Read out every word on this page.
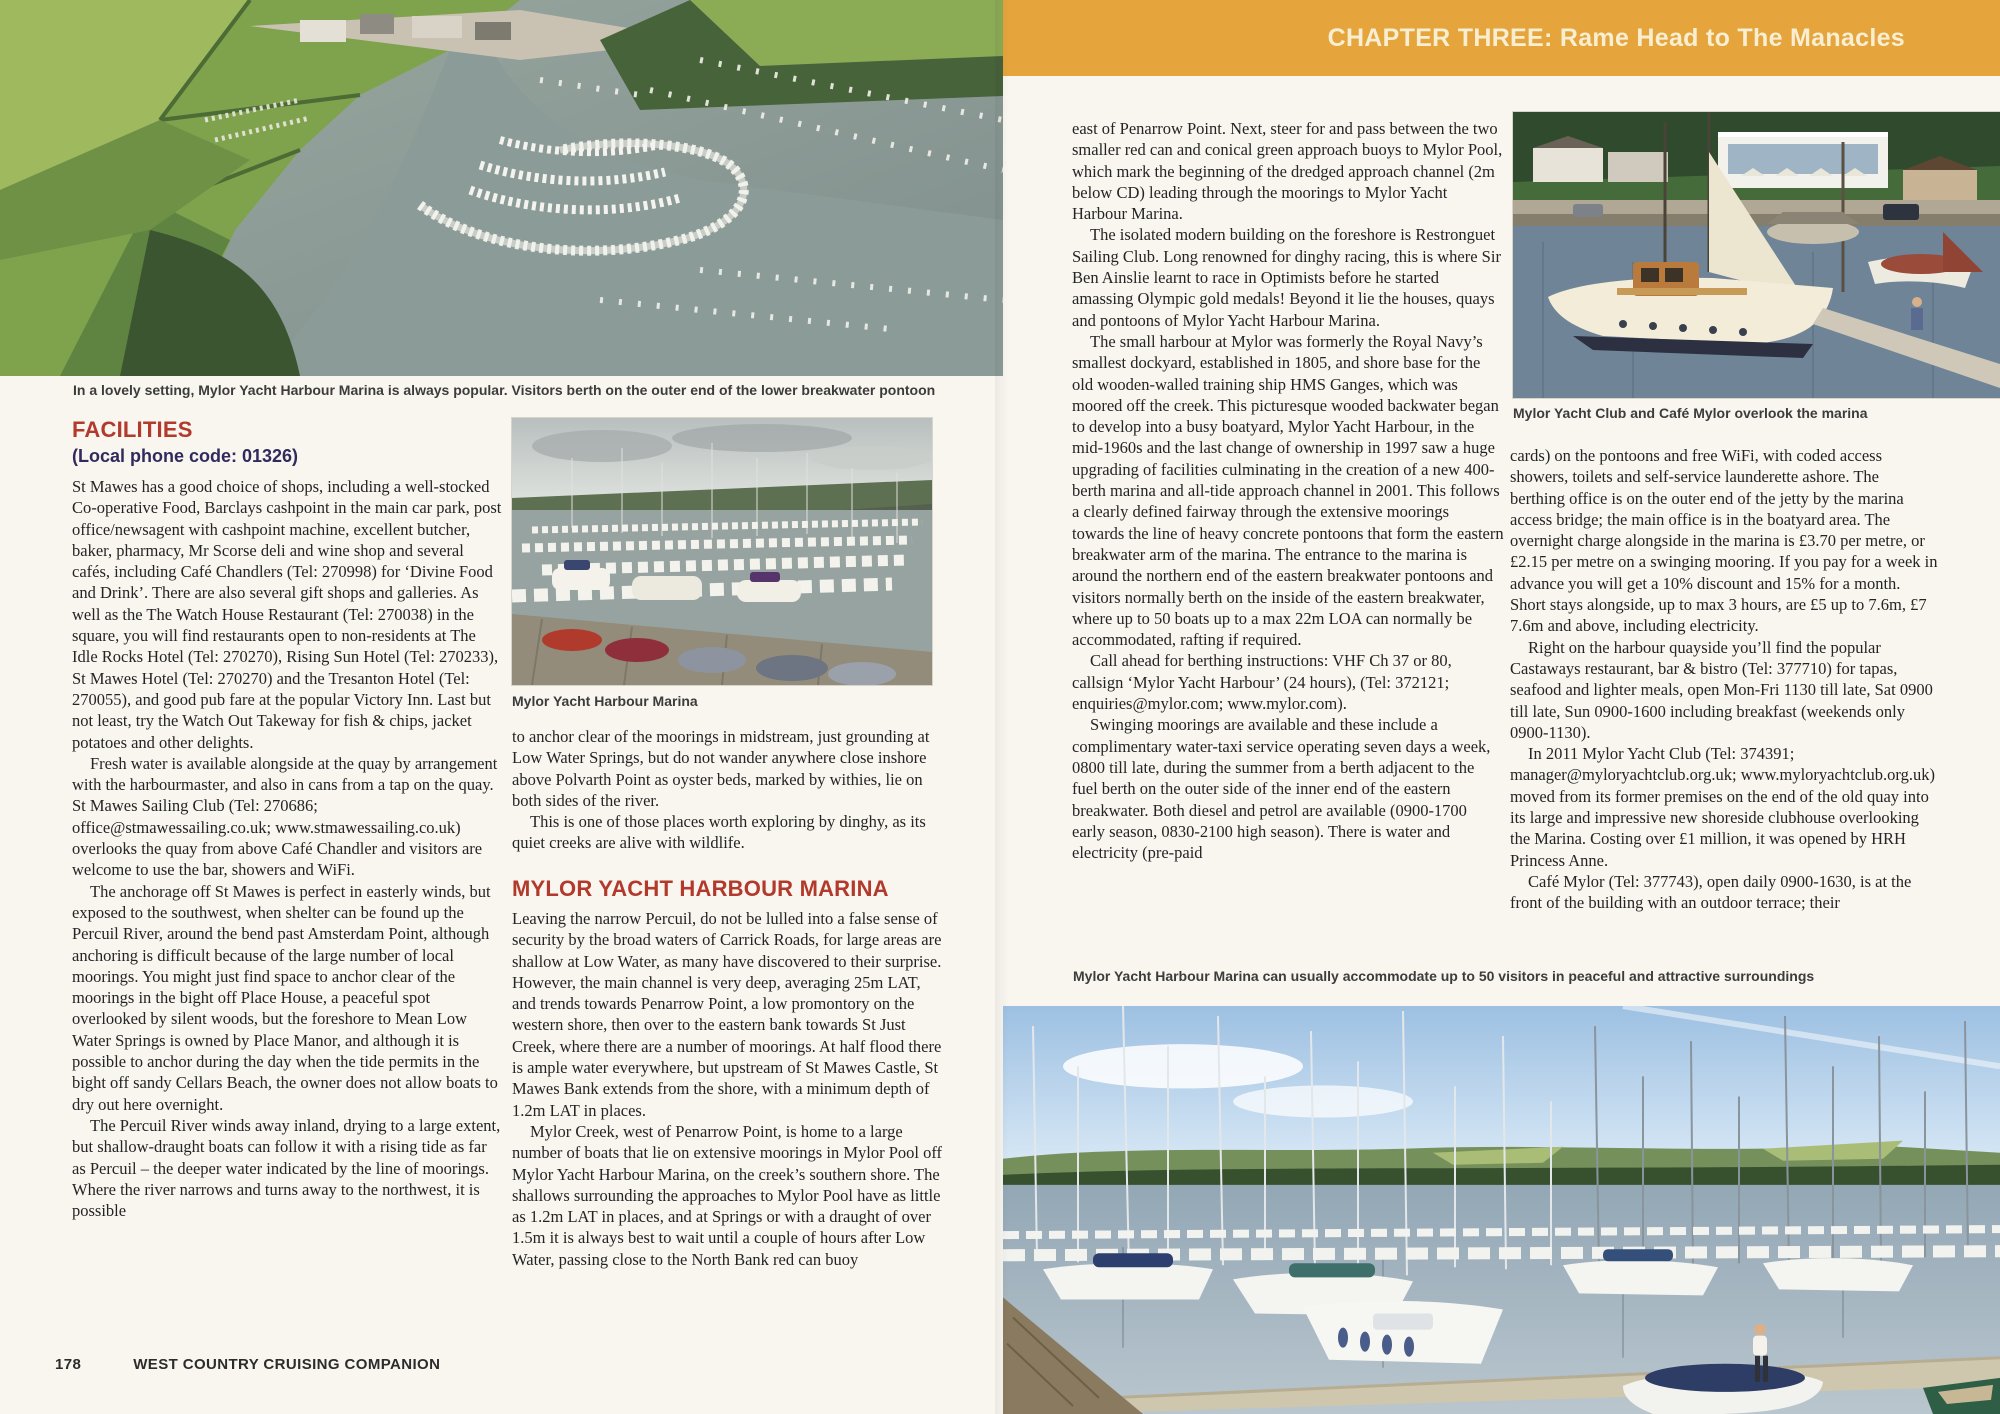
In a lovely setting, Mylor Yacht Harbour Marina is always popular. Visitors berth on the outer end of the lower breakwater pontoon
FACILITIES
(Local phone code: 01326)

St Mawes has a good choice of shops, including a well-stocked Co-operative Food, Barclays cashpoint in the main car park, post office/newsagent with cashpoint machine, excellent butcher, baker, pharmacy, Mr Scorse deli and wine shop and several cafés, including Café Chandlers (Tel: 270998) for ‘Divine Food and Drink’. There are also several gift shops and galleries. As well as the The Watch House Restaurant (Tel: 270038) in the square, you will find restaurants open to non-residents at The Idle Rocks Hotel (Tel: 270270), Rising Sun Hotel (Tel: 270233), St Mawes Hotel (Tel: 270270) and the Tresanton Hotel (Tel: 270055), and good pub fare at the popular Victory Inn. Last but not least, try the Watch Out Takeway for fish & chips, jacket potatoes and other delights.

Fresh water is available alongside at the quay by arrangement with the harbourmaster, and also in cans from a tap on the quay. St Mawes Sailing Club (Tel: 270686; office@stmawessailing.co.uk; www.stmawessailing.co.uk) overlooks the quay from above Café Chandler and visitors are welcome to use the bar, showers and WiFi.

The anchorage off St Mawes is perfect in easterly winds, but exposed to the southwest, when shelter can be found up the Percuil River, around the bend past Amsterdam Point, although anchoring is difficult because of the large number of local moorings. You might just find space to anchor clear of the moorings in the bight off Place House, a peaceful spot overlooked by silent woods, but the foreshore to Mean Low Water Springs is owned by Place Manor, and although it is possible to anchor during the day when the tide permits in the bight off sandy Cellars Beach, the owner does not allow boats to dry out here overnight.

The Percuil River winds away inland, drying to a large extent, but shallow-draught boats can follow it with a rising tide as far as Percuil – the deeper water indicated by the line of moorings. Where the river narrows and turns away to the northwest, it is possible

Mylor Yacht Harbour Marina

to anchor clear of the moorings in midstream, just grounding at Low Water Springs, but do not wander anywhere close inshore above Polvarth Point as oyster beds, marked by withies, lie on both sides of the river.

This is one of those places worth exploring by dinghy, as its quiet creeks are alive with wildlife.

MYLOR YACHT HARBOUR MARINA

Leaving the narrow Percuil, do not be lulled into a false sense of security by the broad waters of Carrick Roads, for large areas are shallow at Low Water, as many have discovered to their surprise. However, the main channel is very deep, averaging 25m LAT, and trends towards Penarrow Point, a low promontory on the western shore, then over to the eastern bank towards St Just Creek, where there are a number of moorings. At half flood there is ample water everywhere, but upstream of St Mawes Castle, St Mawes Bank extends from the shore, with a minimum depth of 1.2m LAT in places.

Mylor Creek, west of Penarrow Point, is home to a large number of boats that lie on extensive moorings in Mylor Pool off Mylor Yacht Harbour Marina, on the creek’s southern shore. The shallows surrounding the approaches to Mylor Pool have as little as 1.2m LAT in places, and at Springs or with a draught of over 1.5m it is always best to wait until a couple of hours after Low Water, passing close to the North Bank red can buoy

178	WEST COUNTRY CRUISING COMPANION
CHAPTER THREE: Rame Head to The Manacles

east of Penarrow Point. Next, steer for and pass between the two smaller red can and conical green approach buoys to Mylor Pool, which mark the beginning of the dredged approach channel (2m below CD) leading through the moorings to Mylor Yacht Harbour Marina.

The isolated modern building on the foreshore is Restronguet Sailing Club. Long renowned for dinghy racing, this is where Sir Ben Ainslie learnt to race in Optimists before he started amassing Olympic gold medals! Beyond it lie the houses, quays and pontoons of Mylor Yacht Harbour Marina.

The small harbour at Mylor was formerly the Royal Navy’s smallest dockyard, established in 1805, and shore base for the old wooden-walled training ship HMS Ganges, which was moored off the creek. This picturesque wooded backwater began to develop into a busy boatyard, Mylor Yacht Harbour, in the mid-1960s and the last change of ownership in 1997 saw a huge upgrading of facilities culminating in the creation of a new 400-berth marina and all-tide approach channel in 2001. This follows a clearly defined fairway through the extensive moorings towards the line of heavy concrete pontoons that form the eastern breakwater arm of the marina. The entrance to the marina is around the northern end of the eastern breakwater pontoons and visitors normally berth on the inside of the eastern breakwater, where up to 50 boats up to a max 22m LOA can normally be accommodated, rafting if required.

Call ahead for berthing instructions: VHF Ch 37 or 80, callsign ‘Mylor Yacht Harbour’ (24 hours), (Tel: 372121; enquiries@mylor.com; www.mylor.com).

Swinging moorings are available and these include a complimentary water-taxi service operating seven days a week, 0800 till late, during the summer from a berth adjacent to the fuel berth on the outer side of the inner end of the eastern breakwater. Both diesel and petrol are available (0900-1700 early season, 0830-2100 high season). There is water and electricity (pre-paid

Mylor Yacht Club and Café Mylor overlook the marina

cards) on the pontoons and free WiFi, with coded access showers, toilets and self-service launderette ashore. The berthing office is on the outer end of the jetty by the marina access bridge; the main office is in the boatyard area. The overnight charge alongside in the marina is £3.70 per metre, or £2.15 per metre on a swinging mooring. If you pay for a week in advance you will get a 10% discount and 15% for a month. Short stays alongside, up to max 3 hours, are £5 up to 7.6m, £7 7.6m and above, including electricity.

Right on the harbour quayside you’ll find the popular Castaways restaurant, bar & bistro (Tel: 377710) for tapas, seafood and lighter meals, open Mon-Fri 1130 till late, Sat 0900 till late, Sun 0900-1600 including breakfast (weekends only 0900-1130).

In 2011 Mylor Yacht Club (Tel: 374391; manager@myloryachtclub.org.uk; www.myloryachtclub.org.uk) moved from its former premises on the end of the old quay into its large and impressive new shoreside clubhouse overlooking the Marina. Costing over £1 million, it was opened by HRH Princess Anne.

Café Mylor (Tel: 377743), open daily 0900-1630, is at the front of the building with an outdoor terrace; their

Mylor Yacht Harbour Marina can usually accommodate up to 50 visitors in peaceful and attractive surroundings
